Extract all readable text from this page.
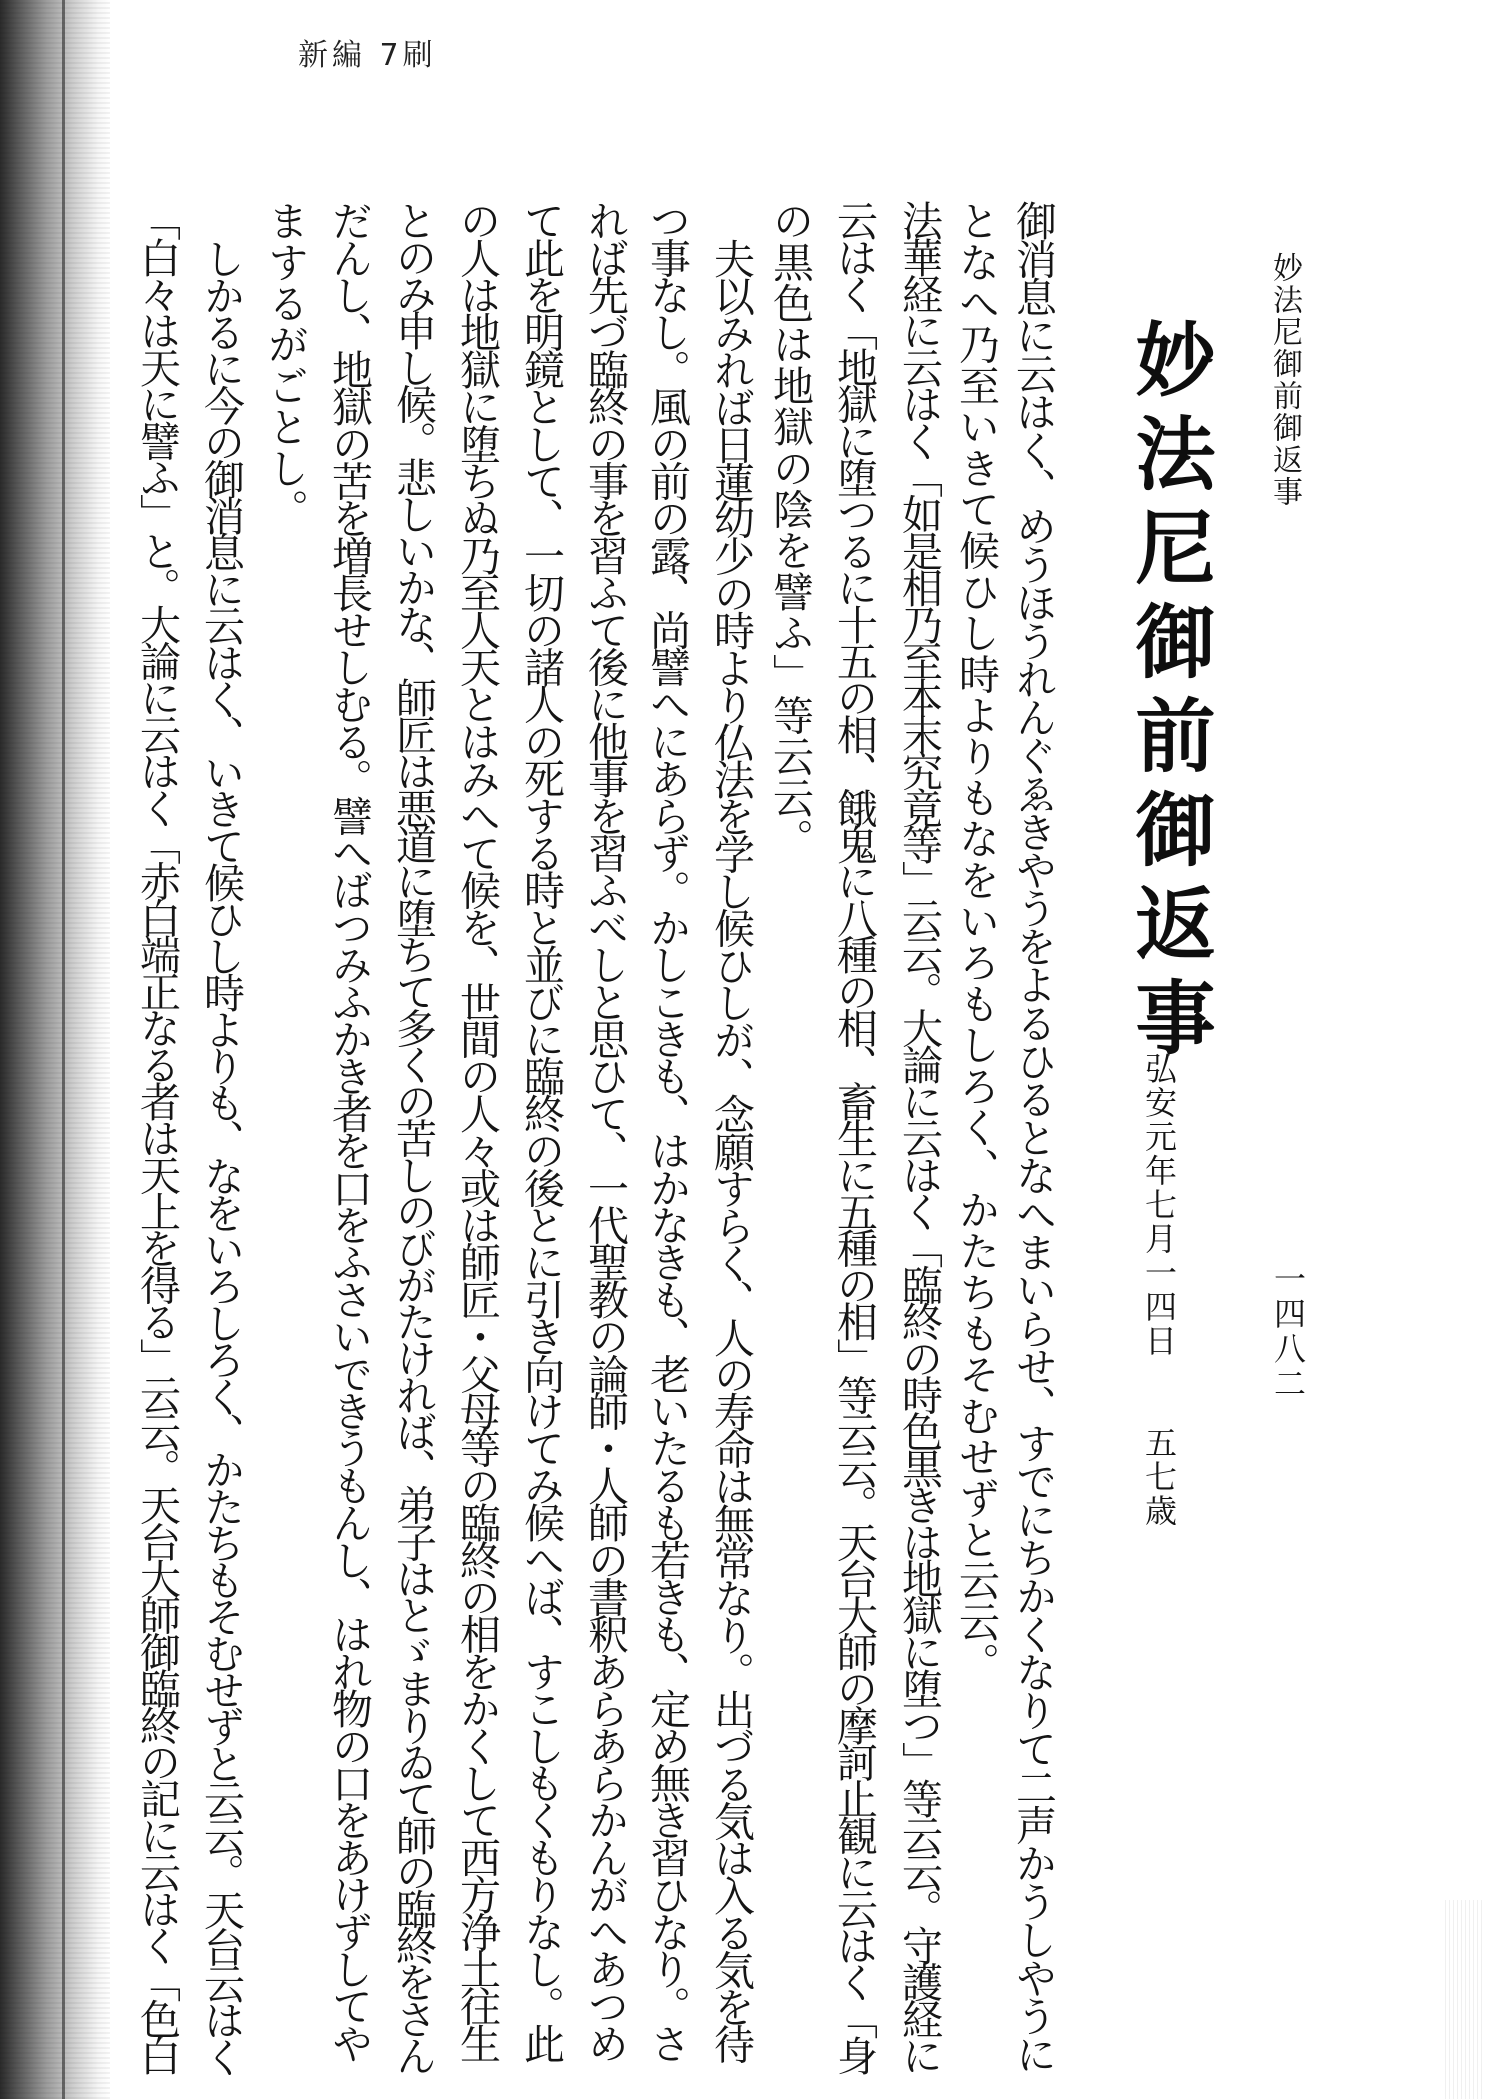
新編 7刷
妙法尼御前御返事
一四八二
妙法尼御前御返事
弘安元年七月一四日　　五七歳
御消息に云はく、めうほうれんぐゑきやうをよるひるとなへまいらせ、すでにちかくなりて二声かうしやうに
となへ乃至いきて候ひし時よりもなをいろもしろく、かたちもそむせずと云云。
法華経に云はく「如是相乃至本末究竟等」云云。大論に云はく「臨終の時色黒きは地獄に堕つ」等云云。守護経に
云はく「地獄に堕つるに十五の相、餓鬼に八種の相、畜生に五種の相」等云云。天台大師の摩訶止観に云はく「身
の黒色は地獄の陰を譬ふ」等云云。
夫以みれば日蓮幼少の時より仏法を学し候ひしが、念願すらく、人の寿命は無常なり。出づる気は入る気を待
つ事なし。風の前の露、尚譬へにあらず。かしこきも、はかなきも、老いたるも若きも、定め無き習ひなり。さ
れば先づ臨終の事を習ふて後に他事を習ふべしと思ひて、一代聖教の論師・人師の書釈あらあらかんがへあつめ
て此を明鏡として、一切の諸人の死する時と並びに臨終の後とに引き向けてみ候へば、すこしもくもりなし。此
の人は地獄に堕ちぬ乃至人天とはみへて候を、世間の人々或は師匠・父母等の臨終の相をかくして西方浄土往生
とのみ申し候。悲しいかな、師匠は悪道に堕ちて多くの苦しのびがたければ、弟子はとゞまりゐて師の臨終をさん
だんし、地獄の苦を増長せしむる。譬へばつみふかき者を口をふさいできうもんし、はれ物の口をあけずしてや
まするがごとし。
しかるに今の御消息に云はく、いきて候ひし時よりも、なをいろしろく、かたちもそむせずと云云。天台云はく
「白々は天に譬ふ」と。大論に云はく「赤白端正なる者は天上を得る」云云。天台大師御臨終の記に云はく「色白
